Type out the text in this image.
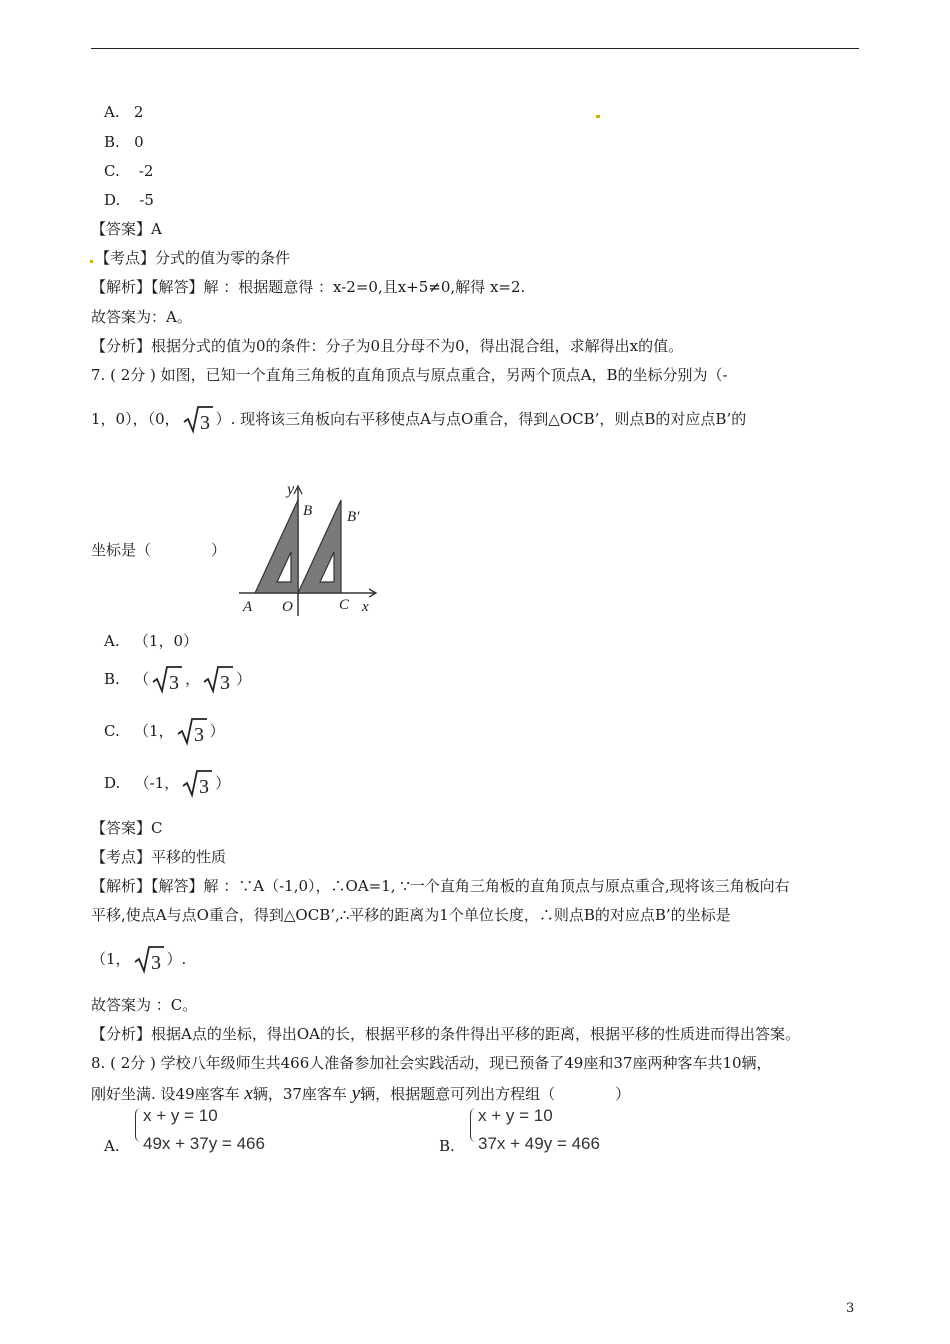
A. 2
B. 0
C. -2
D. -5
【答案】A
【考点】分式的值为零的条件
【解析】【解答】解 ：根据题意得 ：x-2=0,且x+5≠0,解得 x=2.
故答案为：A。
【分析】根据分式的值为0的条件：分子为0且分母不为0，得出混合组，求解得出x的值。
7. ( 2分 ) 如图，已知一个直角三角板的直角顶点与原点重合，另两个顶点A，B的坐标分别为（-
1，0），（0， 3 ）. 现将该三角板向右平移使点A与点O重合，得到△OCB’，则点B的对应点B’的
坐标是（　　　　）
y
B B′
A O	C x
A. （1，0）
B. （ 3 ， 3 ）
C. （1， 3 ）
D. （-1， 3 ）
【答案】C
【考点】平移的性质
【解析】【解答】解 ：∵A（-1,0），∴OA=1, ∵一个直角三角板的直角顶点与原点重合,现将该三角板向右
平移,使点A与点O重合，得到△OCB’,∴平移的距离为1个单位长度，∴则点B的对应点B’的坐标是
（1， 3 ）.
故答案为 ：C。
【分析】根据A点的坐标，得出OA的长，根据平移的条件得出平移的距离，根据平移的性质进而得出答案。
8. ( 2分 ) 学校八年级师生共466人准备参加社会实践活动，现已预备了49座和37座两种客车共10辆，
刚好坐满. 设49座客车 x辆，37座客车 y辆，根据题意可列出方程组（　　　　）
A.
x + y = 10
49x + 37y = 466	B.
x + y = 10
37x + 49y = 466
3
